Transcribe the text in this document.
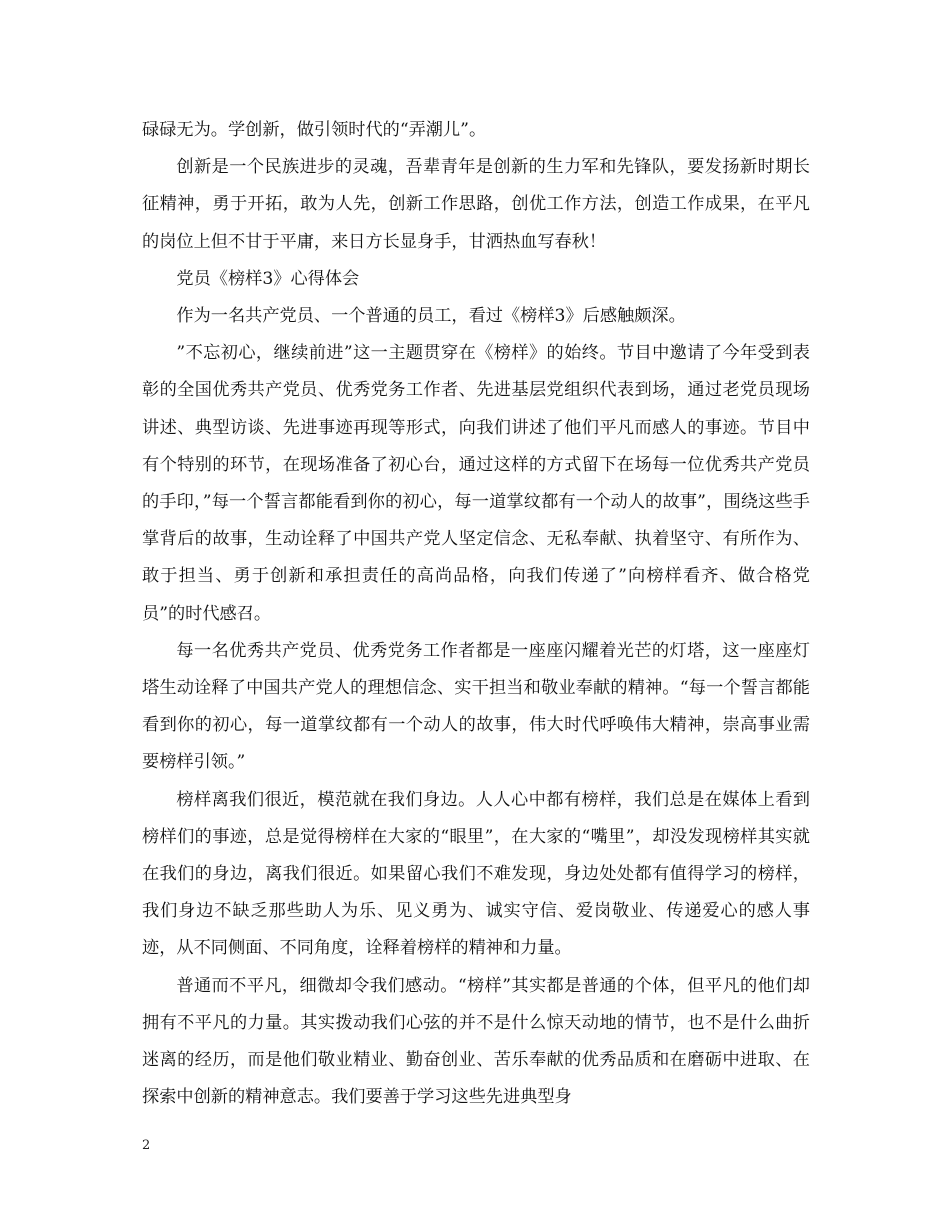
碌碌无为。学创新，做引领时代的“弄潮儿”。

创新是一个民族进步的灵魂，吾辈青年是创新的生力军和先锋队，要发扬新时期长征精神，勇于开拓，敢为人先，创新工作思路，创优工作方法，创造工作成果，在平凡的岗位上但不甘于平庸，来日方长显身手，甘洒热血写春秋！

党员《榜样3》心得体会

作为一名共产党员、一个普通的员工，看过《榜样3》后感触颇深。

”不忘初心，继续前进”这一主题贯穿在《榜样》的始终。节目中邀请了今年受到表彰的全国优秀共产党员、优秀党务工作者、先进基层党组织代表到场，通过老党员现场讲述、典型访谈、先进事迹再现等形式，向我们讲述了他们平凡而感人的事迹。节目中有个特别的环节，在现场准备了初心台，通过这样的方式留下在场每一位优秀共产党员的手印，”每一个誓言都能看到你的初心，每一道掌纹都有一个动人的故事”，围绕这些手掌背后的故事，生动诠释了中国共产党人坚定信念、无私奉献、执着坚守、有所作为、敢于担当、勇于创新和承担责任的高尚品格，向我们传递了”向榜样看齐、做合格党员”的时代感召。

每一名优秀共产党员、优秀党务工作者都是一座座闪耀着光芒的灯塔，这一座座灯塔生动诠释了中国共产党人的理想信念、实干担当和敬业奉献的精神。“每一个誓言都能看到你的初心，每一道掌纹都有一个动人的故事，伟大时代呼唤伟大精神，崇高事业需要榜样引领。”

榜样离我们很近，模范就在我们身边。人人心中都有榜样，我们总是在媒体上看到榜样们的事迹，总是觉得榜样在大家的“眼里”，在大家的“嘴里”，却没发现榜样其实就在我们的身边，离我们很近。如果留心我们不难发现，身边处处都有值得学习的榜样，我们身边不缺乏那些助人为乐、见义勇为、诚实守信、爱岗敬业、传递爱心的感人事迹，从不同侧面、不同角度，诠释着榜样的精神和力量。

普通而不平凡，细微却令我们感动。“榜样”其实都是普通的个体，但平凡的他们却拥有不平凡的力量。其实拨动我们心弦的并不是什么惊天动地的情节，也不是什么曲折迷离的经历，而是他们敬业精业、勤奋创业、苦乐奉献的优秀品质和在磨砺中进取、在探索中创新的精神意志。我们要善于学习这些先进典型身

2
